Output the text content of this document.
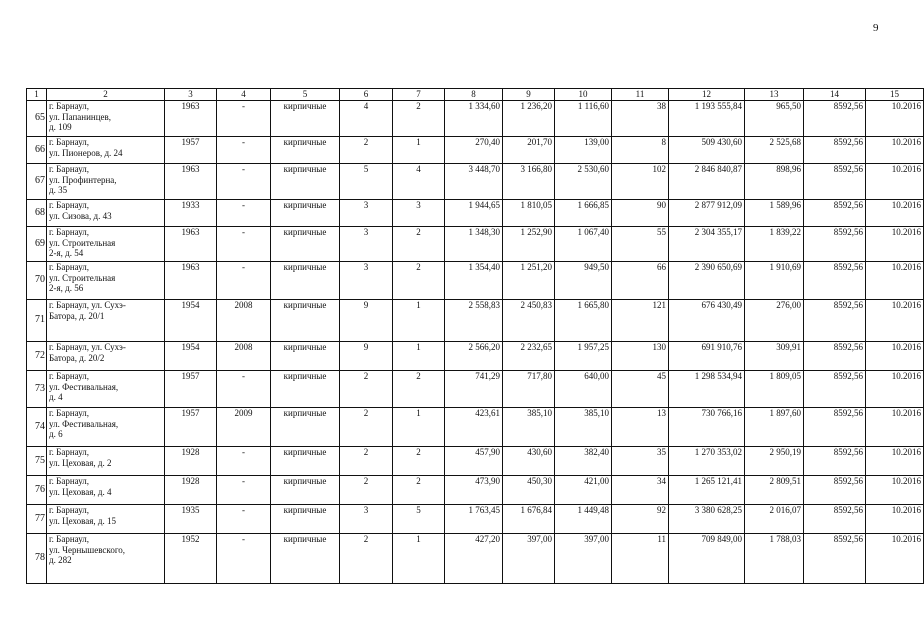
9
1	2	3	4	5	6	7	8	9	10	11	12	13	14	15
65	г. Барнаул,
ул. Папанинцев,
д. 109	1963	-	кирпичные	4	2	1 334,60	1 236,20	1 116,60	38	1 193 555,84	965,50	8592,56	10.2016
66	г. Барнаул,
ул. Пионеров, д. 24	1957	-	кирпичные	2	1	270,40	201,70	139,00	8	509 430,60	2 525,68	8592,56	10.2016
67	г. Барнаул,
ул. Профинтерна,
д. 35	1963	-	кирпичные	5	4	3 448,70	3 166,80	2 530,60	102	2 846 840,87	898,96	8592,56	10.2016
68	г. Барнаул,
ул. Сизова, д. 43	1933	-	кирпичные	3	3	1 944,65	1 810,05	1 666,85	90	2 877 912,09	1 589,96	8592,56	10.2016
69	г. Барнаул,
ул. Строительная
2-я, д. 54	1963	-	кирпичные	3	2	1 348,30	1 252,90	1 067,40	55	2 304 355,17	1 839,22	8592,56	10.2016
70	г. Барнаул,
ул. Строительная
2-я, д. 56	1963	-	кирпичные	3	2	1 354,40	1 251,20	949,50	66	2 390 650,69	1 910,69	8592,56	10.2016
71	г. Барнаул, ул. Сухэ-
Батора, д. 20/1	1954	2008	кирпичные	9	1	2 558,83	2 450,83	1 665,80	121	676 430,49	276,00	8592,56	10.2016
72	г. Барнаул, ул. Сухэ-
Батора, д. 20/2	1954	2008	кирпичные	9	1	2 566,20	2 232,65	1 957,25	130	691 910,76	309,91	8592,56	10.2016
73	г. Барнаул,
ул. Фестивальная,
д. 4	1957	-	кирпичные	2	2	741,29	717,80	640,00	45	1 298 534,94	1 809,05	8592,56	10.2016
74	г. Барнаул,
ул. Фестивальная,
д. 6	1957	2009	кирпичные	2	1	423,61	385,10	385,10	13	730 766,16	1 897,60	8592,56	10.2016
75	г. Барнаул,
ул. Цеховая, д. 2	1928	-	кирпичные	2	2	457,90	430,60	382,40	35	1 270 353,02	2 950,19	8592,56	10.2016
76	г. Барнаул,
ул. Цеховая, д. 4	1928	-	кирпичные	2	2	473,90	450,30	421,00	34	1 265 121,41	2 809,51	8592,56	10.2016
77	г. Барнаул,
ул. Цеховая, д. 15	1935	-	кирпичные	3	5	1 763,45	1 676,84	1 449,48	92	3 380 628,25	2 016,07	8592,56	10.2016
78	г. Барнаул,
ул. Чернышевского,
д. 282	1952	-	кирпичные	2	1	427,20	397,00	397,00	11	709 849,00	1 788,03	8592,56	10.2016
